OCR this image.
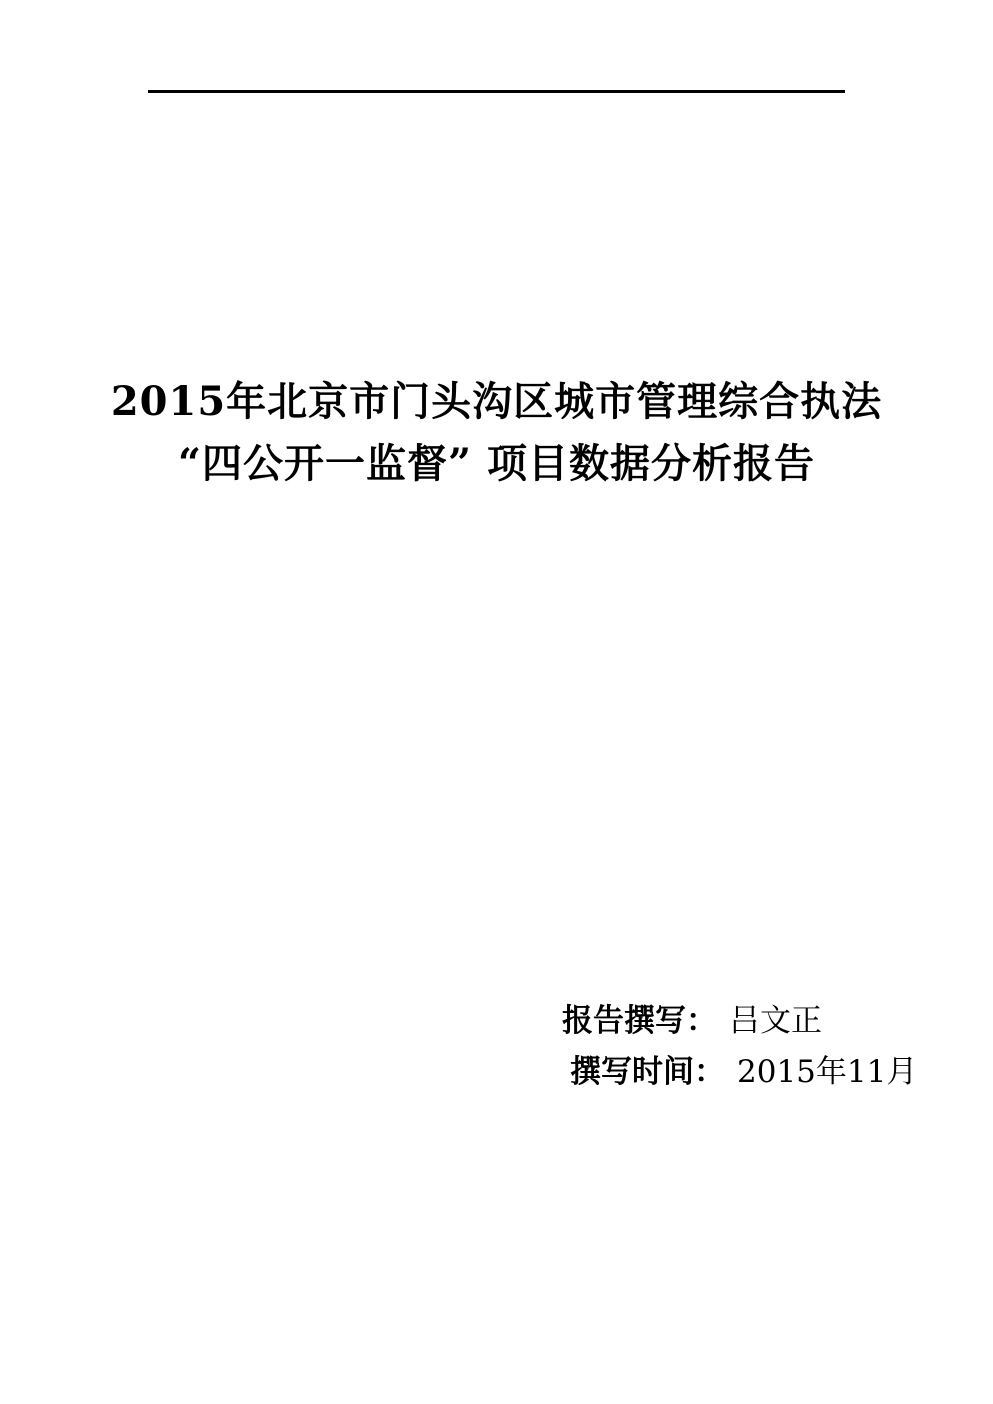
2015年北京市门头沟区城市管理综合执法
“四公开一监督” 项目数据分析报告
报告撰写： 吕文正
撰写时间： 2015年11月
